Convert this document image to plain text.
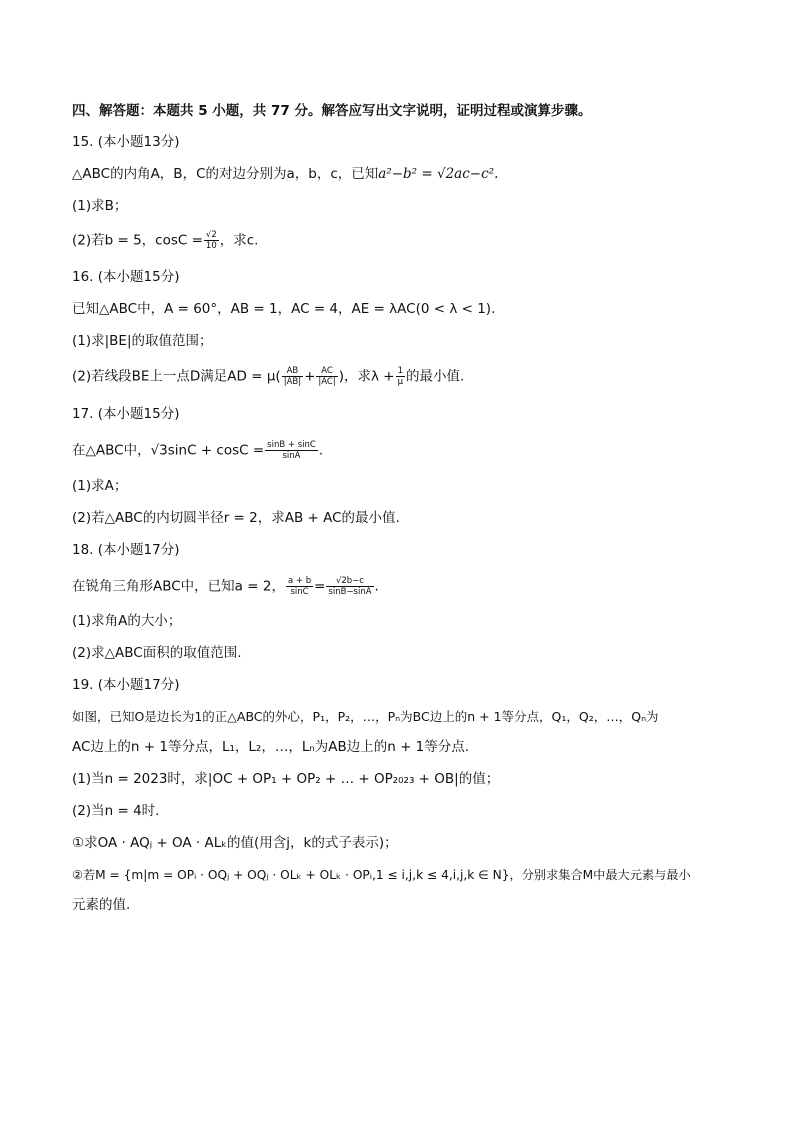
四、解答题：本题共 5 小题，共 77 分。解答应写出文字说明，证明过程或演算步骤。
15. (本小题13分)
△ABC的内角A，B，C的对边分别为a，b，c，已知a²−b² = √2ac−c².
(1)求B；
(2)若b = 5，$\cos C = \frac{√2}{10}$ ，求c.
16. (本小题15分)
已知△ABC中，A = 60°，AB = 1，AC = 4，AE = λAC(0 < λ < 1).
(1)求|BE|的取值范围；
(2)若线段BE上一点D满足AD = $\mu( \frac{AB}{|AB|} + \frac{AC}{|AC|}$ )，求$\lambda + \frac{1}{\mu}$ 的最小值.
17. (本小题15分)
在△ABC中，$√3\sin C + \cos C = \frac{\sin B + \sin C}{\sin A}$ .
(1)求A；
(2)若△ABC的内切圆半径r = 2，求AB + AC的最小值.
18. (本小题17分)
在锐角三角形ABC中，已知a = 2， $\frac{a + b}{\sin C} = \frac{√2b-c}{\sin B-\sin A}$ .
(1)求角A的大小；
(2)求△ABC面积的取值范围.
19. (本小题17分)
如图，已知O是边长为1的正△ABC的外心，P₁，P₂，…，Pₙ为BC边上的n + 1等分点，Q₁，Q₂，…，Qₙ为
AC边上的n + 1等分点，L₁，L₂，…，Lₙ为AB边上的n + 1等分点.
(1)当n = 2023时，求|OC + OP₁ + OP₂ + … + OP₂₀₂₃ + OB|的值；
(2)当n = 4时.
①求OA · AQⱼ + OA · ALₖ的值(用含j，k的式子表示)；
②若M = {m|m = OPᵢ · OQⱼ + OQⱼ · OLₖ + OLₖ · OPᵢ,1 ≤ i,j,k ≤ 4,i,j,k ∈ N}，分别求集合M中最大元素与最小
元素的值.
